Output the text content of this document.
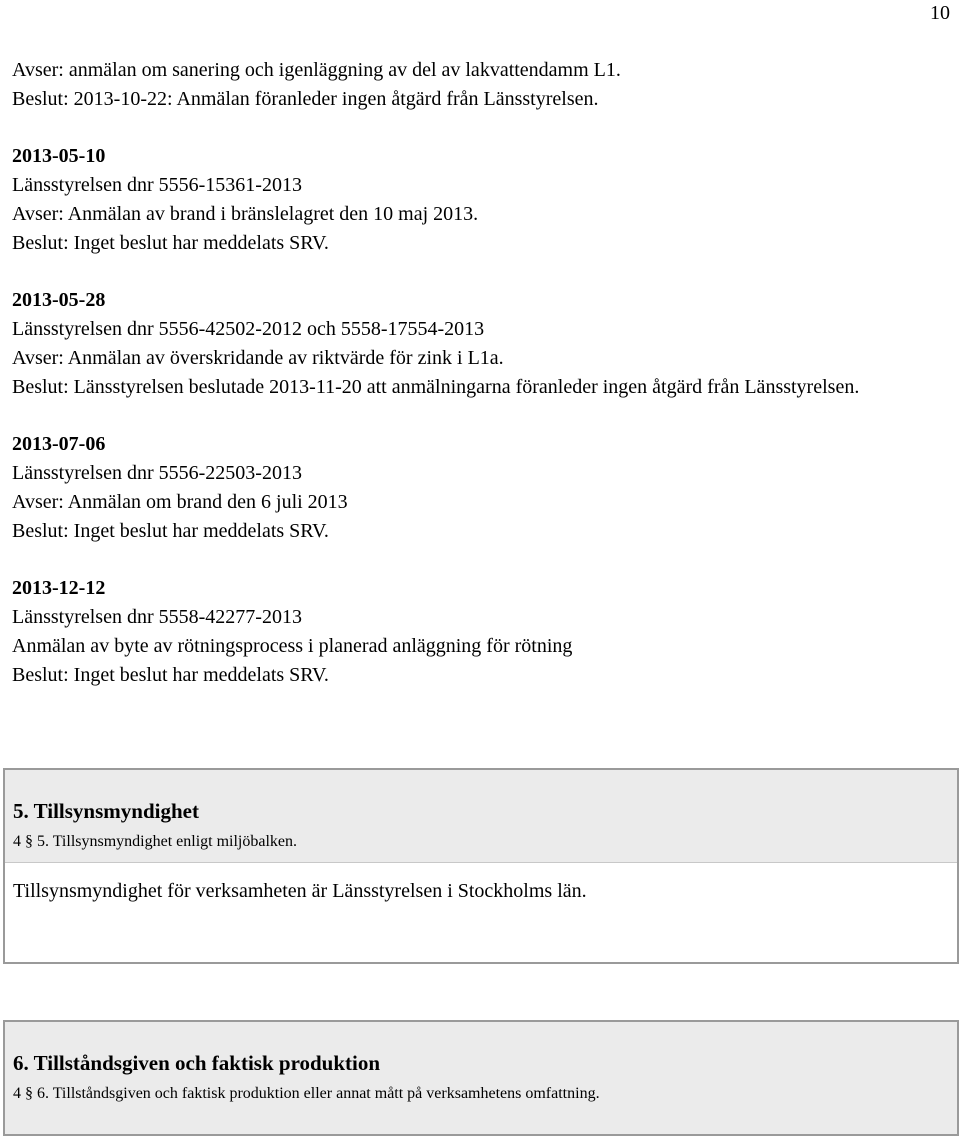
10

Avser: anmälan om sanering och igenläggning av del av lakvattendamm L1.

Beslut: 2013-10-22: Anmälan föranleder ingen åtgärd från Länsstyrelsen.

2013-05-10

Länsstyrelsen dnr 5556-15361-2013

Avser: Anmälan av brand i bränslelagret den 10 maj 2013.

Beslut: Inget beslut har meddelats SRV.

2013-05-28

Länsstyrelsen dnr 5556-42502-2012 och 5558-17554-2013

Avser: Anmälan av överskridande av riktvärde för zink i L1a.

Beslut: Länsstyrelsen beslutade 2013-11-20 att anmälningarna föranleder ingen åtgärd från Länsstyrelsen.

2013-07-06

Länsstyrelsen dnr 5556-22503-2013

Avser: Anmälan om brand den 6 juli 2013

Beslut: Inget beslut har meddelats SRV.

2013-12-12

Länsstyrelsen dnr 5558-42277-2013

Anmälan av byte av rötningsprocess i planerad anläggning för rötning

Beslut: Inget beslut har meddelats SRV.

5. Tillsynsmyndighet

4 § 5. Tillsynsmyndighet enligt miljöbalken.

Tillsynsmyndighet för verksamheten är Länsstyrelsen i Stockholms län.

6. Tillståndsgiven och faktisk produktion

4 § 6. Tillståndsgiven och faktisk produktion eller annat mått på verksamhetens omfattning.
